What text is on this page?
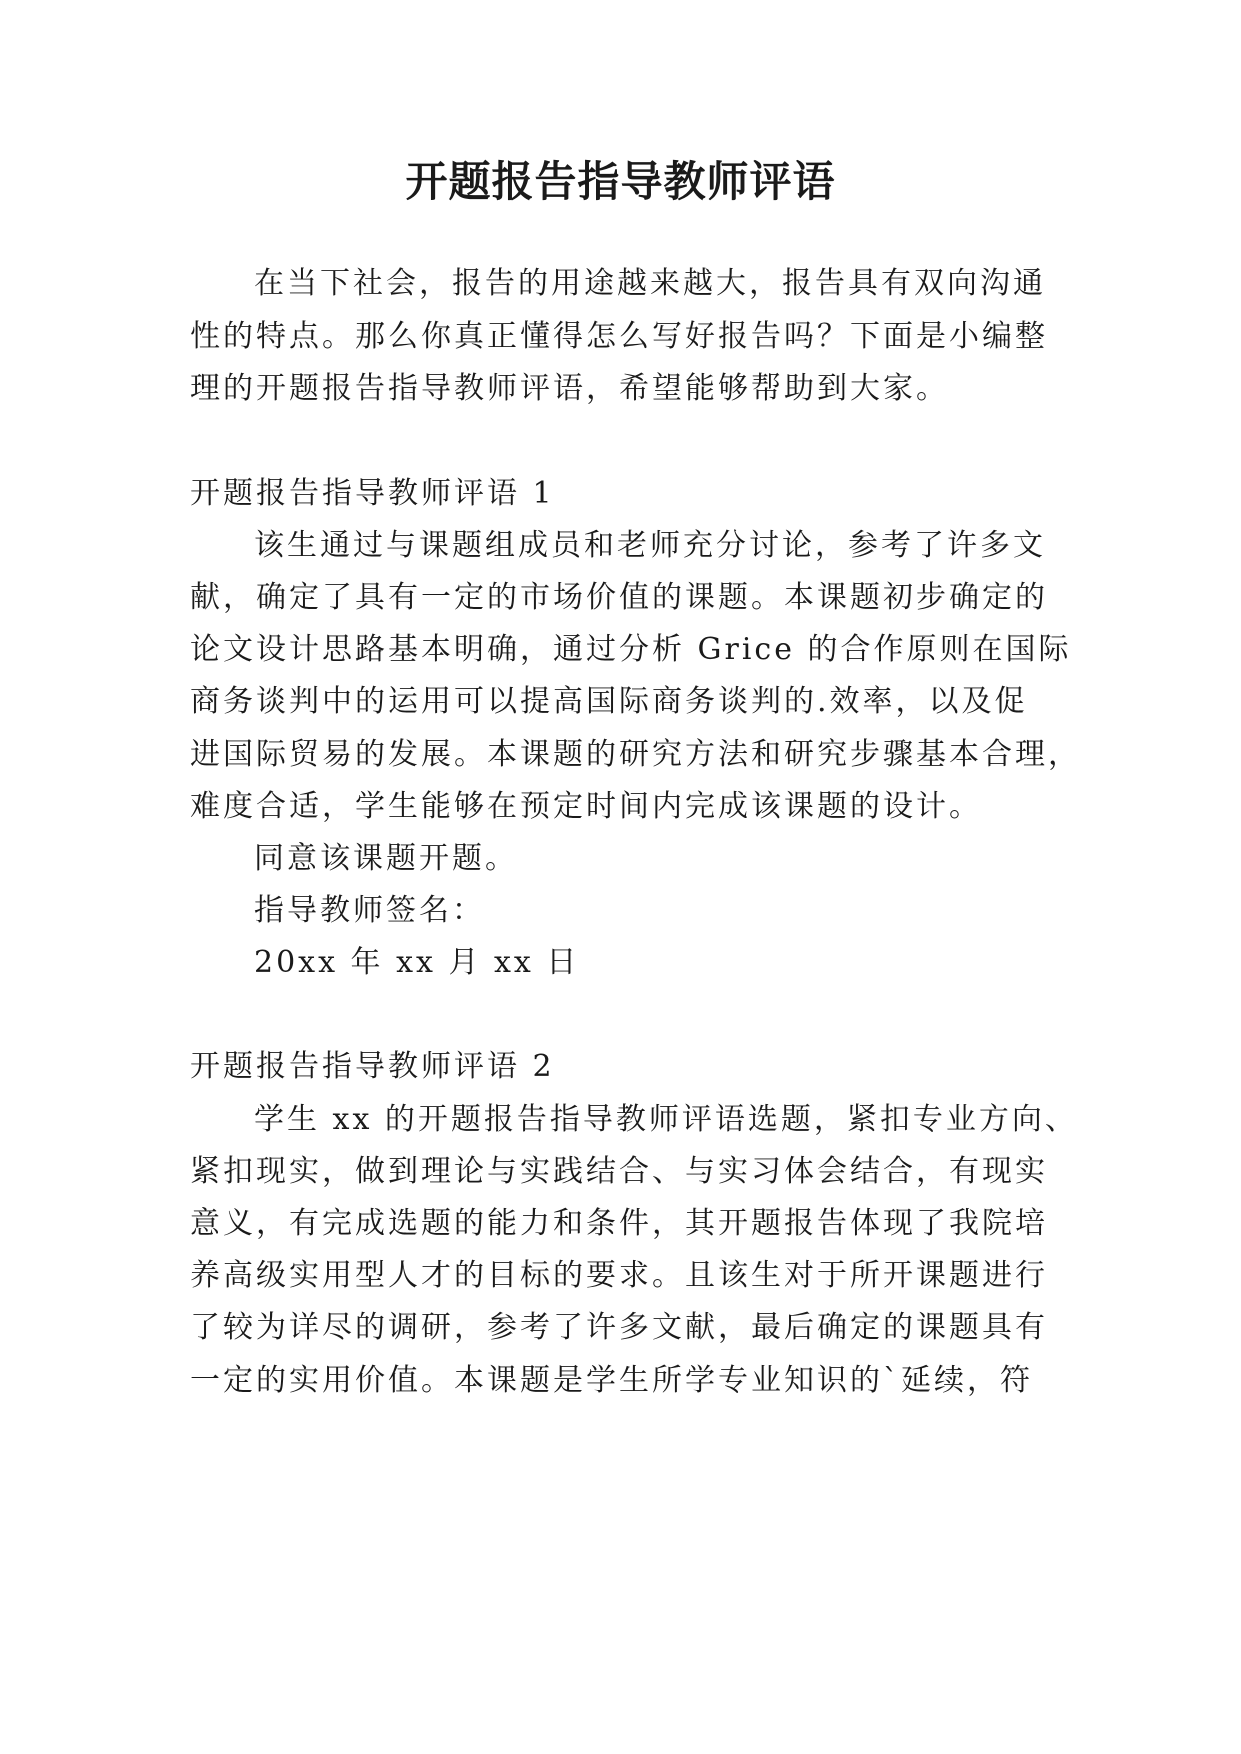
开题报告指导教师评语
在当下社会，报告的用途越来越大，报告具有双向沟通
性的特点。那么你真正懂得怎么写好报告吗？下面是小编整
理的开题报告指导教师评语，希望能够帮助到大家。
开题报告指导教师评语 1
该生通过与课题组成员和老师充分讨论，参考了许多文
献，确定了具有一定的市场价值的课题。本课题初步确定的
论文设计思路基本明确，通过分析 Grice 的合作原则在国际
商务谈判中的运用可以提高国际商务谈判的.效率，以及促
进国际贸易的发展。本课题的研究方法和研究步骤基本合理，
难度合适，学生能够在预定时间内完成该课题的设计。
同意该课题开题。
指导教师签名：
20xx 年 xx 月 xx 日
开题报告指导教师评语 2
学生 xx 的开题报告指导教师评语选题，紧扣专业方向、
紧扣现实，做到理论与实践结合、与实习体会结合，有现实
意义，有完成选题的能力和条件，其开题报告体现了我院培
养高级实用型人才的目标的要求。且该生对于所开课题进行
了较为详尽的调研，参考了许多文献，最后确定的课题具有
一定的实用价值。本课题是学生所学专业知识的`延续，符
